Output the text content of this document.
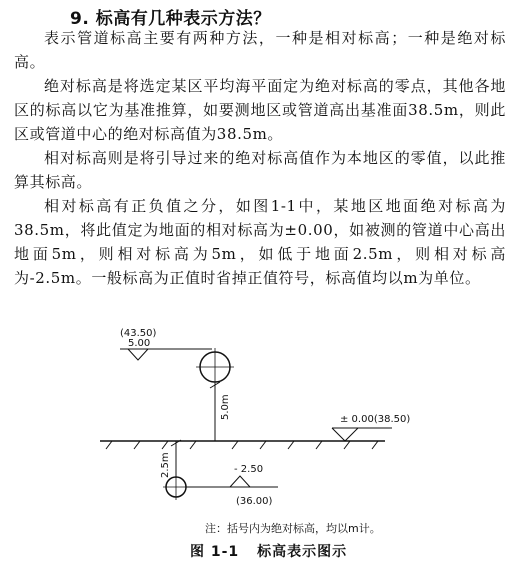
9. 标高有几种表示方法？

表示管道标高主要有两种方法，一种是相对标高；一种是绝对标高。

绝对标高是将选定某区平均海平面定为绝对标高的零点，其他各地区的标高以它为基准推算，如要测地区或管道高出基准面38.5m，则此区或管道中心的绝对标高值为38.5m。

相对标高则是将引导过来的绝对标高值作为本地区的零值，以此推算其标高。

相对标高有正负值之分，如图1-1中，某地区地面绝对标高为38.5m，将此值定为地面的相对标高为±0.00，如被测的管道中心高出地面5m，则相对标高为5m，如低于地面2.5m，则相对标高为-2.5m。一般标高为正值时省掉正值符号，标高值均以m为单位。

(43.50)
5.00
5.0m	± 0.00(38.50)
2.5m	- 2.50
(36.00)
注：括号内为绝对标高，均以m计。
图 1-1 标高表示图示
